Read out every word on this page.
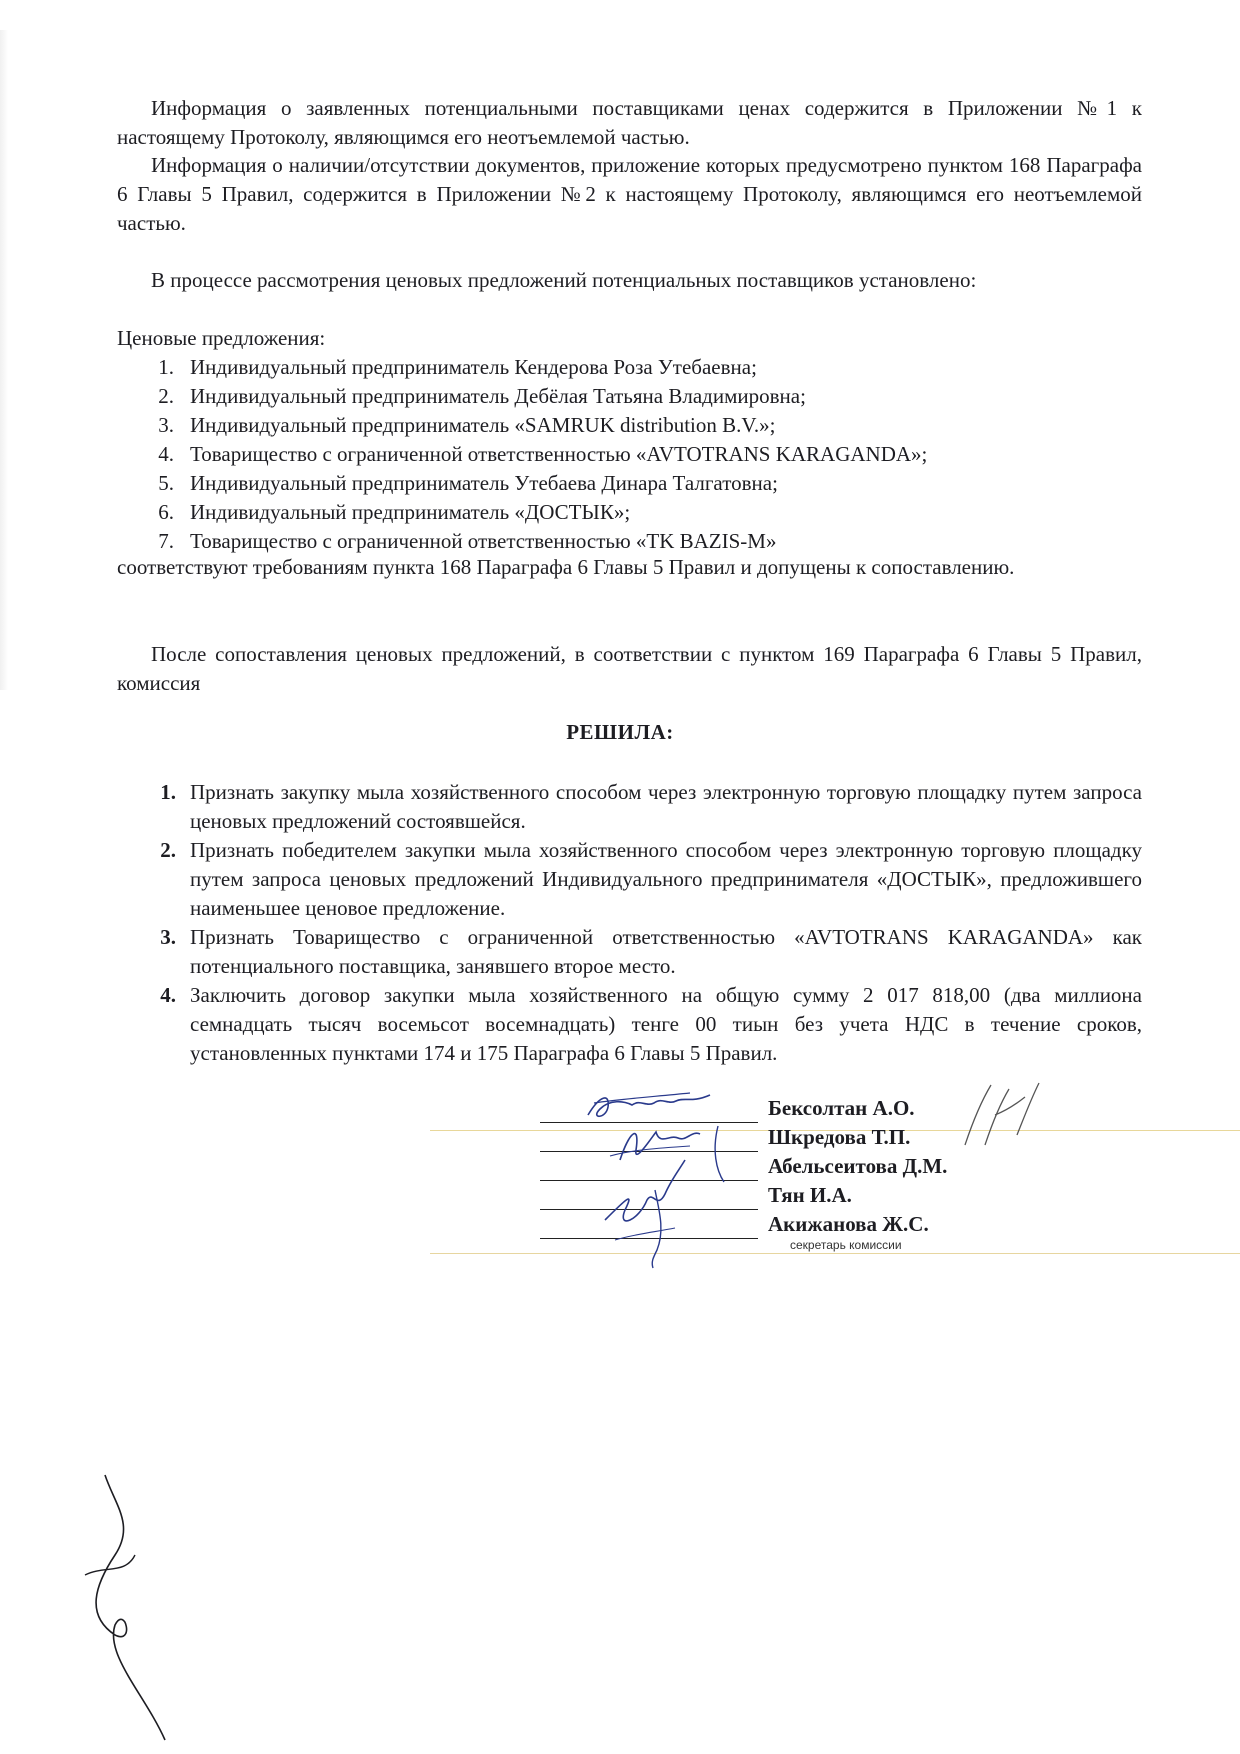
Информация о заявленных потенциальными поставщиками ценах содержится в Приложении №1 к настоящему Протоколу, являющимся его неотъемлемой частью.
Информация о наличии/отсутствии документов, приложение которых предусмотрено пунктом 168 Параграфа 6 Главы 5 Правил, содержится в Приложении №2 к настоящему Протоколу, являющимся его неотъемлемой частью.
В процессе рассмотрения ценовых предложений потенциальных поставщиков установлено:
Ценовые предложения:
1. Индивидуальный предприниматель Кендерова Роза Утебаевна;
2. Индивидуальный предприниматель Дебёлая Татьяна Владимировна;
3. Индивидуальный предприниматель «SAMRUK distribution B.V.»;
4. Товарищество с ограниченной ответственностью «AVTOTRANS KARAGANDA»;
5. Индивидуальный предприниматель Утебаева Динара Талгатовна;
6. Индивидуальный предприниматель «ДОСТЫК»;
7. Товарищество с ограниченной ответственностью «TK BAZIS-M»
соответствуют требованиям пункта 168 Параграфа 6 Главы 5 Правил и допущены к сопоставлению.
После сопоставления ценовых предложений, в соответствии с пунктом 169 Параграфа 6 Главы 5 Правил, комиссия
РЕШИЛА:
1. Признать закупку мыла хозяйственного способом через электронную торговую площадку путем запроса ценовых предложений состоявшейся.
2. Признать победителем закупки мыла хозяйственного способом через электронную торговую площадку путем запроса ценовых предложений Индивидуального предпринимателя «ДОСТЫК», предложившего наименьшее ценовое предложение.
3. Признать Товарищество с ограниченной ответственностью «AVTOTRANS KARAGANDA» как потенциального поставщика, занявшего второе место.
4. Заключить договор закупки мыла хозяйственного на общую сумму 2 017 818,00 (два миллиона семнадцать тысяч восемьсот восемнадцать) тенге 00 тиын без учета НДС в течение сроков, установленных пунктами 174 и 175 Параграфа 6 Главы 5 Правил.
Бексолтан А.О.
Шкредова Т.П.
Абельсеитова Д.М.
Тян И.А.
Акижанова Ж.С.
секретарь комиссии
